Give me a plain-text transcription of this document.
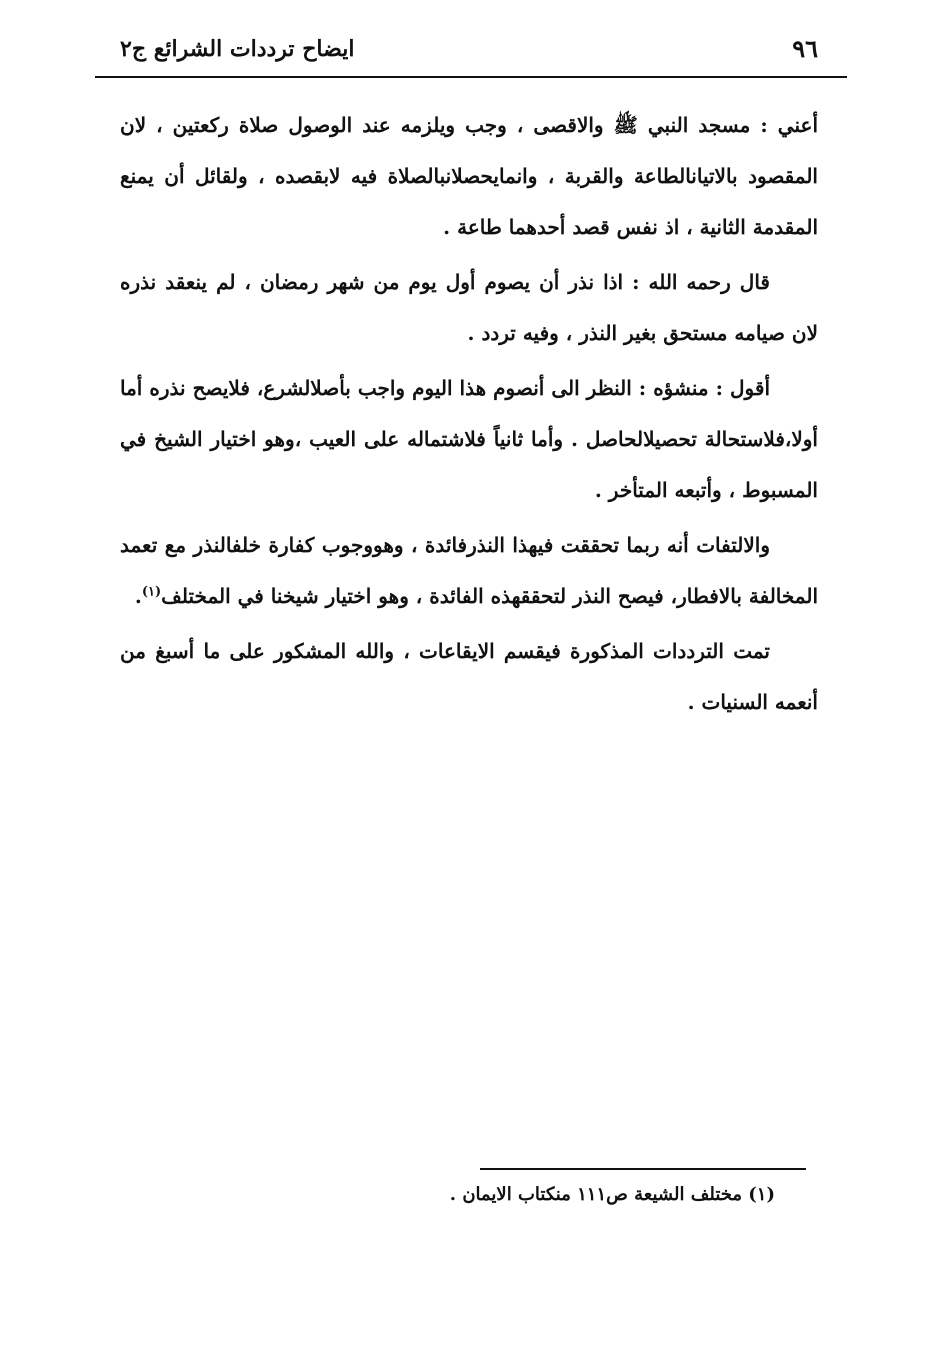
ايضاح ترددات الشرائع ج٢	٩٦

أعني : مسجد النبي ﷺ والاقصى ، وجب ويلزمه عند الوصول صلاة ركعتين ، لان المقصود بالاتيانالطاعة والقربة ، وانمايحصلانبالصلاة فيه لابقصده ، ولقائل أن يمنع المقدمة الثانية ، اذ نفس قصد أحدهما طاعة .

قال رحمه الله : اذا نذر أن يصوم أول يوم من شهر رمضان ، لم ينعقد نذره لان صيامه مستحق بغير النذر ، وفيه تردد .

أقول : منشؤه : النظر الى أنصوم هذا اليوم واجب بأصلالشرع، فلايصح نذره أما أولا،فلاستحالة تحصيلالحاصل . وأما ثانياً فلاشتماله على العيب ،وهو اختيار الشيخ في المسبوط ، وأتبعه المتأخر .

والالتفات أنه ربما تحققت فيهذا النذرفائدة ، وهووجوب كفارة خلفالنذر مع تعمد المخالفة بالافطار، فيصح النذر لتحققهذه الفائدة ، وهو اختيار شيخنا في المختلف$^{(١)}$.

تمت الترددات المذكورة فيقسم الايقاعات ، والله المشكور على ما أسبغ من أنعمه السنيات .

(١) مختلف الشيعة ص١١١ منكتاب الايمان .
